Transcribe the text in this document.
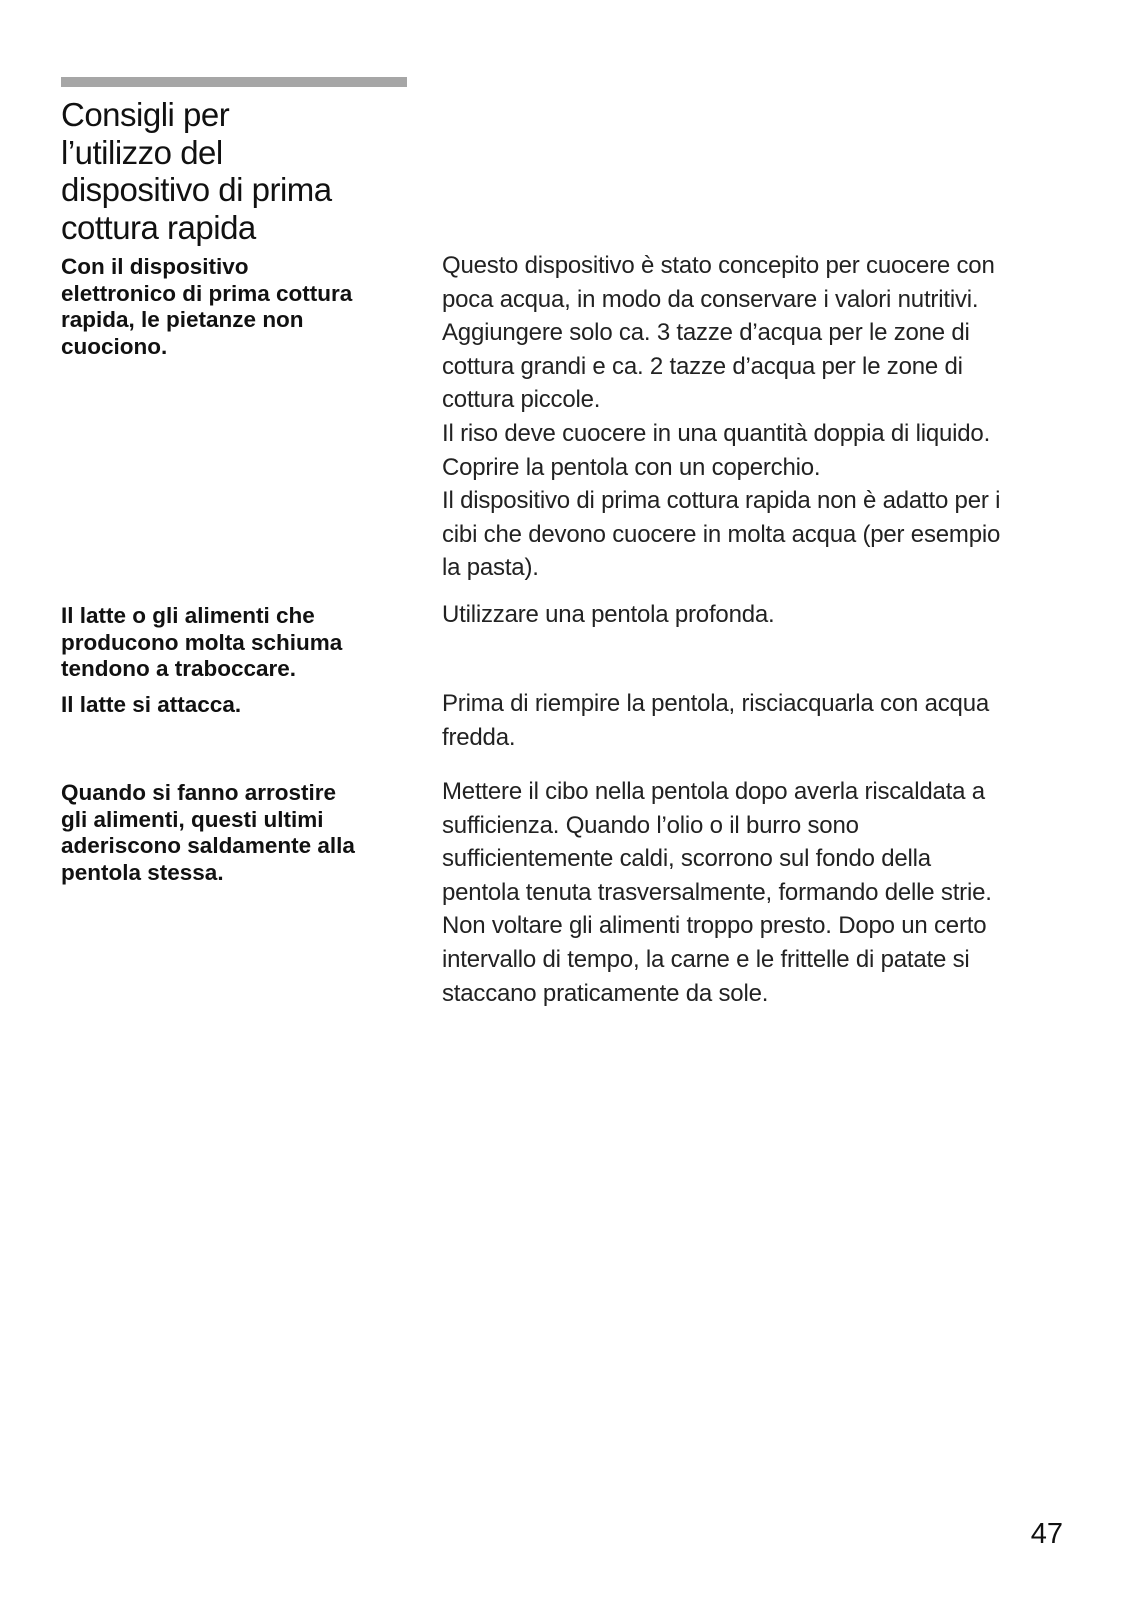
Consigli per
l’utilizzo del
dispositivo di prima
cottura rapida
Con il dispositivo
elettronico di prima cottura
rapida, le pietanze non
cuociono.
Questo dispositivo è stato concepito per cuocere con
poca acqua, in modo da conservare i valori nutritivi.
Aggiungere solo ca. 3 tazze d’acqua per le zone di
cottura grandi e ca. 2 tazze d’acqua per le zone di
cottura piccole.
Il riso deve cuocere in una quantità doppia di liquido.
Coprire la pentola con un coperchio.
Il dispositivo di prima cottura rapida non è adatto per i
cibi che devono cuocere in molta acqua (per esempio
la pasta).
Il latte o gli alimenti che
producono molta schiuma
tendono a traboccare.
Utilizzare una pentola profonda.
Il latte si attacca.	Prima di riempire la pentola, risciacquarla con acqua
fredda.
Quando si fanno arrostire
gli alimenti, questi ultimi
aderiscono saldamente alla
pentola stessa.
Mettere il cibo nella pentola dopo averla riscaldata a
sufficienza. Quando l’olio o il burro sono
sufficientemente caldi, scorrono sul fondo della
pentola tenuta trasversalmente, formando delle strie.
Non voltare gli alimenti troppo presto. Dopo un certo
intervallo di tempo, la carne e le frittelle di patate si
staccano praticamente da sole.
47
